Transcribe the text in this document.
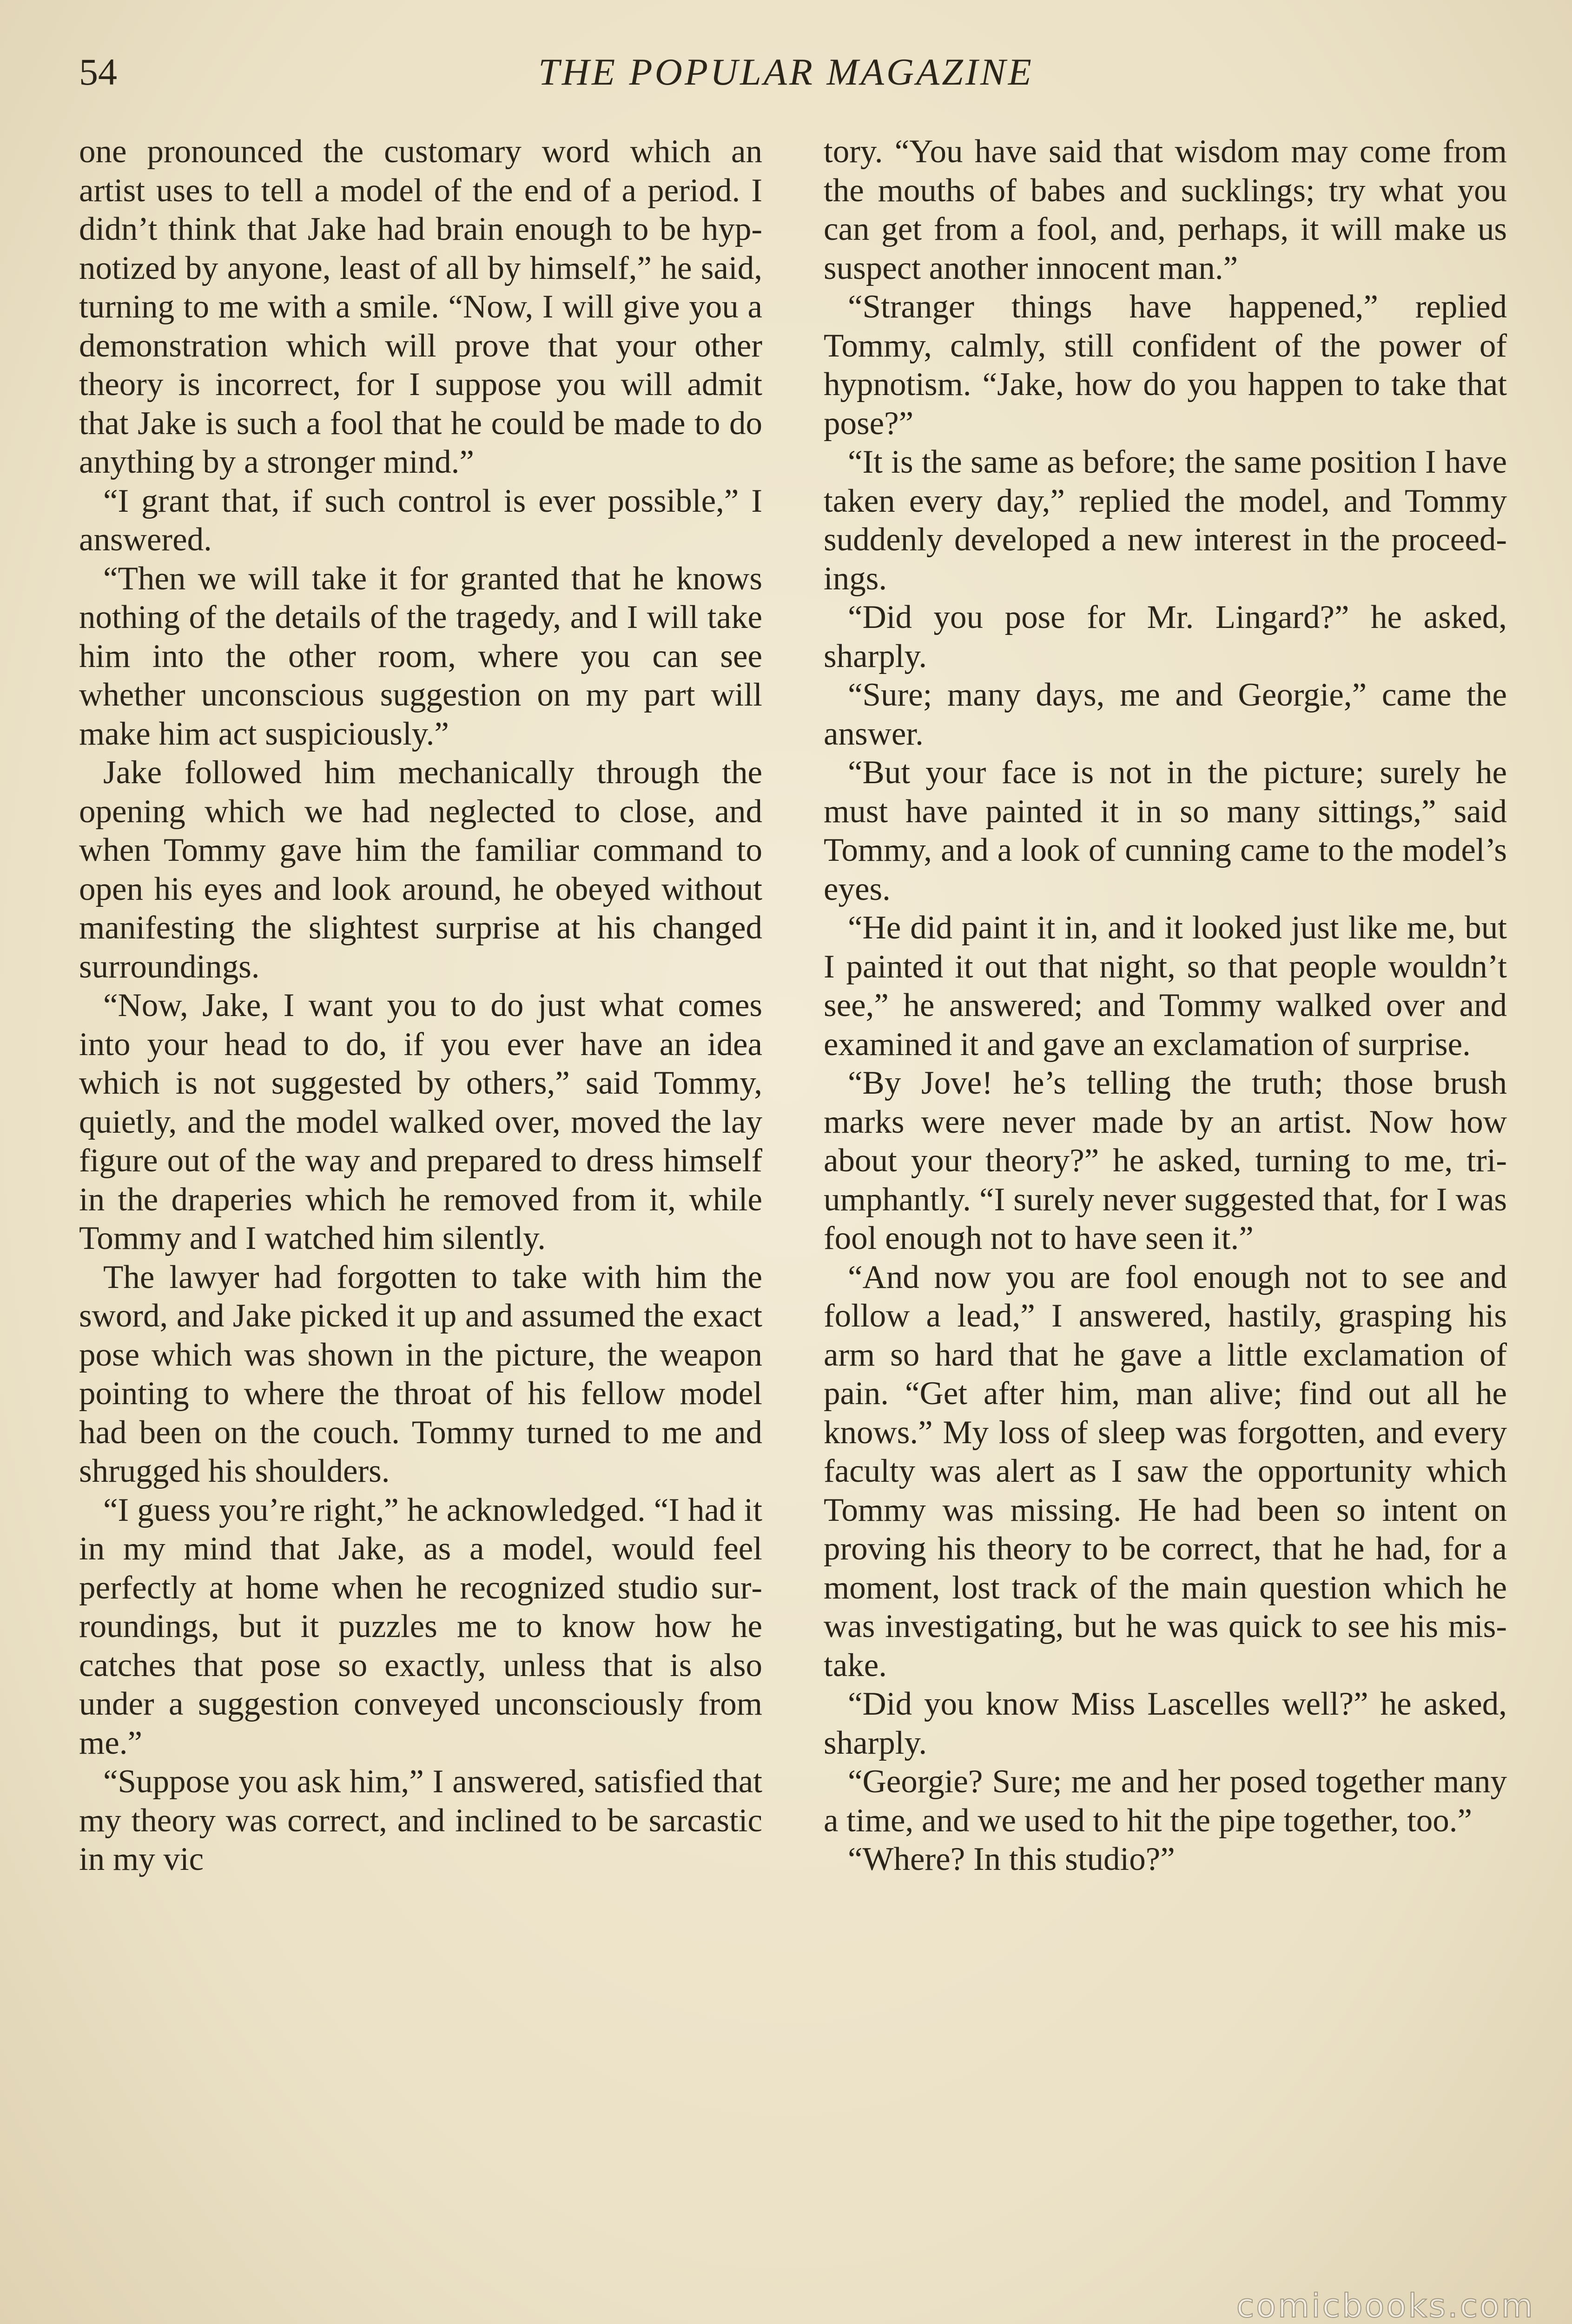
54	THE POPULAR MAGAZINE

one pronounced the customary word which an artist uses to tell a model of the end of a period. I didn’t think that Jake had brain enough to be hypnotized by anyone, least of all by himself,” he said, turning to me with a smile. “Now, I will give you a demonstration which will prove that your other theory is incorrect, for I suppose you will admit that Jake is such a fool that he could be made to do anything by a stronger mind.”

“I grant that, if such control is ever possible,” I answered.

“Then we will take it for granted that he knows nothing of the details of the tragedy, and I will take him into the other room, where you can see whether unconscious suggestion on my part will make him act suspiciously.”

Jake followed him mechanically through the opening which we had neglected to close, and when Tommy gave him the familiar command to open his eyes and look around, he obeyed without manifesting the slightest surprise at his changed surroundings.

“Now, Jake, I want you to do just what comes into your head to do, if you ever have an idea which is not suggested by others,” said Tommy, quietly, and the model walked over, moved the lay figure out of the way and prepared to dress himself in the draperies which he removed from it, while Tommy and I watched him silently.

The lawyer had forgotten to take with him the sword, and Jake picked it up and assumed the exact pose which was shown in the picture, the weapon pointing to where the throat of his fellow model had been on the couch. Tommy turned to me and shrugged his shoulders.

“I guess you’re right,” he acknowledged. “I had it in my mind that Jake, as a model, would feel perfectly at home when he recognized studio surroundings, but it puzzles me to know how he catches that pose so exactly, unless that is also under a suggestion conveyed unconsciously from me.”

“Suppose you ask him,” I answered, satisfied that my theory was correct, and inclined to be sarcastic in my vic

tory. “You have said that wisdom may come from the mouths of babes and sucklings; try what you can get from a fool, and, perhaps, it will make us suspect another innocent man.”

“Stranger things have happened,” replied Tommy, calmly, still confident of the power of hypnotism. “Jake, how do you happen to take that pose?”

“It is the same as before; the same position I have taken every day,” replied the model, and Tommy suddenly developed a new interest in the proceedings.

“Did you pose for Mr. Lingard?” he asked, sharply.

“Sure; many days, me and Georgie,” came the answer.

“But your face is not in the picture; surely he must have painted it in so many sittings,” said Tommy, and a look of cunning came to the model’s eyes.

“He did paint it in, and it looked just like me, but I painted it out that night, so that people wouldn’t see,” he answered; and Tommy walked over and examined it and gave an exclamation of surprise.

“By Jove! he’s telling the truth; those brush marks were never made by an artist. Now how about your theory?” he asked, turning to me, triumphantly. “I surely never suggested that, for I was fool enough not to have seen it.”

“And now you are fool enough not to see and follow a lead,” I answered, hastily, grasping his arm so hard that he gave a little exclamation of pain. “Get after him, man alive; find out all he knows.” My loss of sleep was forgotten, and every faculty was alert as I saw the opportunity which Tommy was missing. He had been so intent on proving his theory to be correct, that he had, for a moment, lost track of the main question which he was investigating, but he was quick to see his mistake.

“Did you know Miss Lascelles well?” he asked, sharply.

“Georgie? Sure; me and her posed together many a time, and we used to hit the pipe together, too.”

“Where? In this studio?”

comicbooks.com
